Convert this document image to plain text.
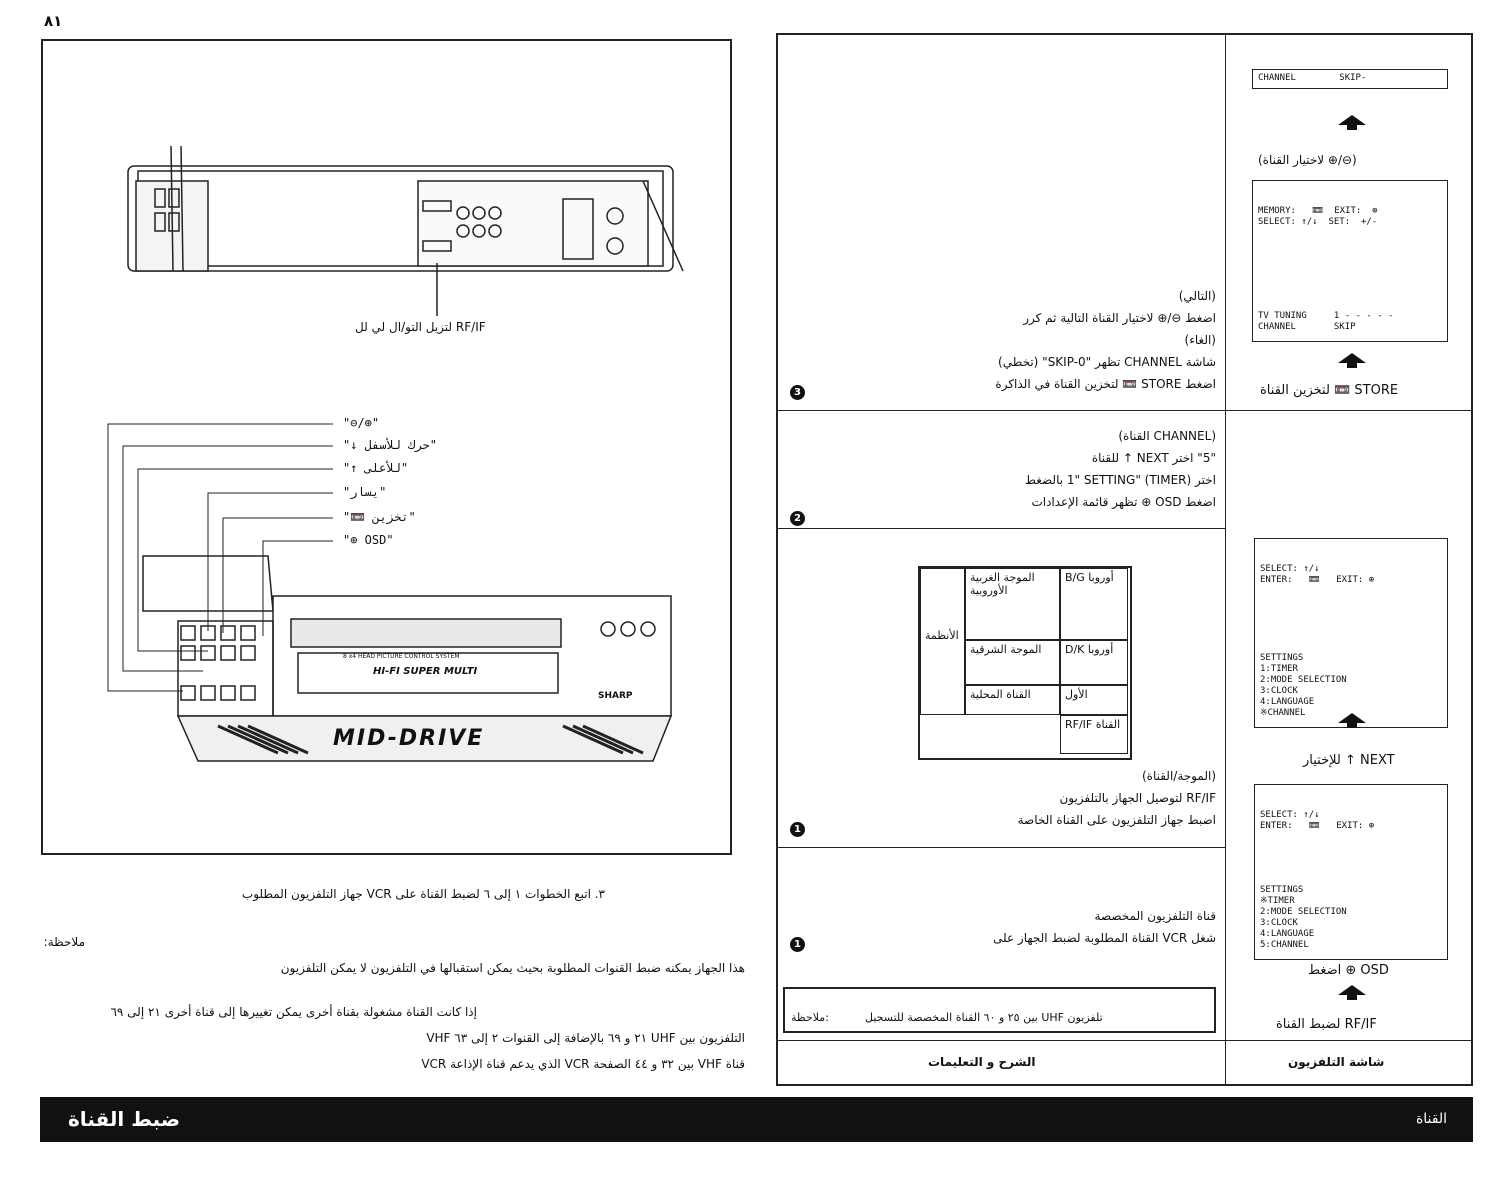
٨١
RF/IF لتزيل التو/ال لي لل
"⊖/⊕"
"↓ حرك للأسفل"
"↑ للأعلى"
"يسار"
"📼 تخزين"
"⊕ OSD"
SHARP
HI-FI SUPER MULTI
8 x4 HEAD PICTURE CONTROL SYSTEM
MID-DRIVE
شاشة التلفزيون
الشرح و التعليمات
CHANNEL        SKIP-
(⊖/⊕ لاختيار القناة)

MEMORY:   📼  EXIT:  ⊕
SELECT: ↑/↓  SET:  +/-

TV TUNING     1 - - - - -
CHANNEL       SKIP

STORE 📼 لتخزين القناة

SELECT: ↑/↓
ENTER:   📼   EXIT: ⊕

SETTINGS
1:TIMER
2:MODE SELECTION
3:CLOCK
4:LANGUAGE
※CHANNEL

NEXT ↑ للإختيار

SELECT: ↑/↓
ENTER:   📼   EXIT: ⊕

SETTINGS
※TIMER
2:MODE SELECTION
3:CLOCK
4:LANGUAGE
5:CHANNEL

OSD ⊕ اضغط
RF/IF لضبط القناة
(التالي)
اضغط ⊖/⊕ لاختيار القناة التالية ثم كرر
(الغاء)
شاشة CHANNEL تظهر "SKIP-0" (تخطي)
اضغط STORE 📼 لتخزين القناة في الذاكرة
3
(CHANNEL القناة)
"5" اختر NEXT ↑ للقناة
اختر (TIMER) "1" SETTING بالضغط
اضغط OSD ⊕ تظهر قائمة الإعدادات
2
B/G أوروبا
الموجة الغربية الأوروبية
D/K أوروبا
الموجة الشرقية
الأول
القناة المحلية
RF/IF القناة
الأنظمة
(الموجة/القناة)
RF/IF لتوصيل الجهاز بالتلفزيون
اضبط جهاز التلفزيون على القناة الخاصة
1
قناة التلفزيون المخصصة
شغل VCR القناة المطلوبة لضبط الجهاز على
1
ملاحظة:	تلفزيون UHF بين ٢٥ و ٦٠ القناة المخصصة للتسجيل
٣. اتبع الخطوات ١ إلى ٦ لضبط القناة على VCR جهاز التلفزيون المطلوب
ملاحظة:
هذا الجهاز يمكنه ضبط القنوات المطلوبة بحيث يمكن استقبالها في التلفزيون لا يمكن التلفزيون
إذا كانت القناة مشغولة بقناة أخرى يمكن تغييرها إلى قناة أخرى ٢١ إلى ٦٩
التلفزيون بين UHF ٢١ و ٦٩ بالإضافة إلى القنوات ٢ إلى ٦٣ VHF
قناة VHF بين ٣٢ و ٤٤ الصفحة VCR الذي يدعم قناة الإذاعة VCR
ضبط القناة	القناة
